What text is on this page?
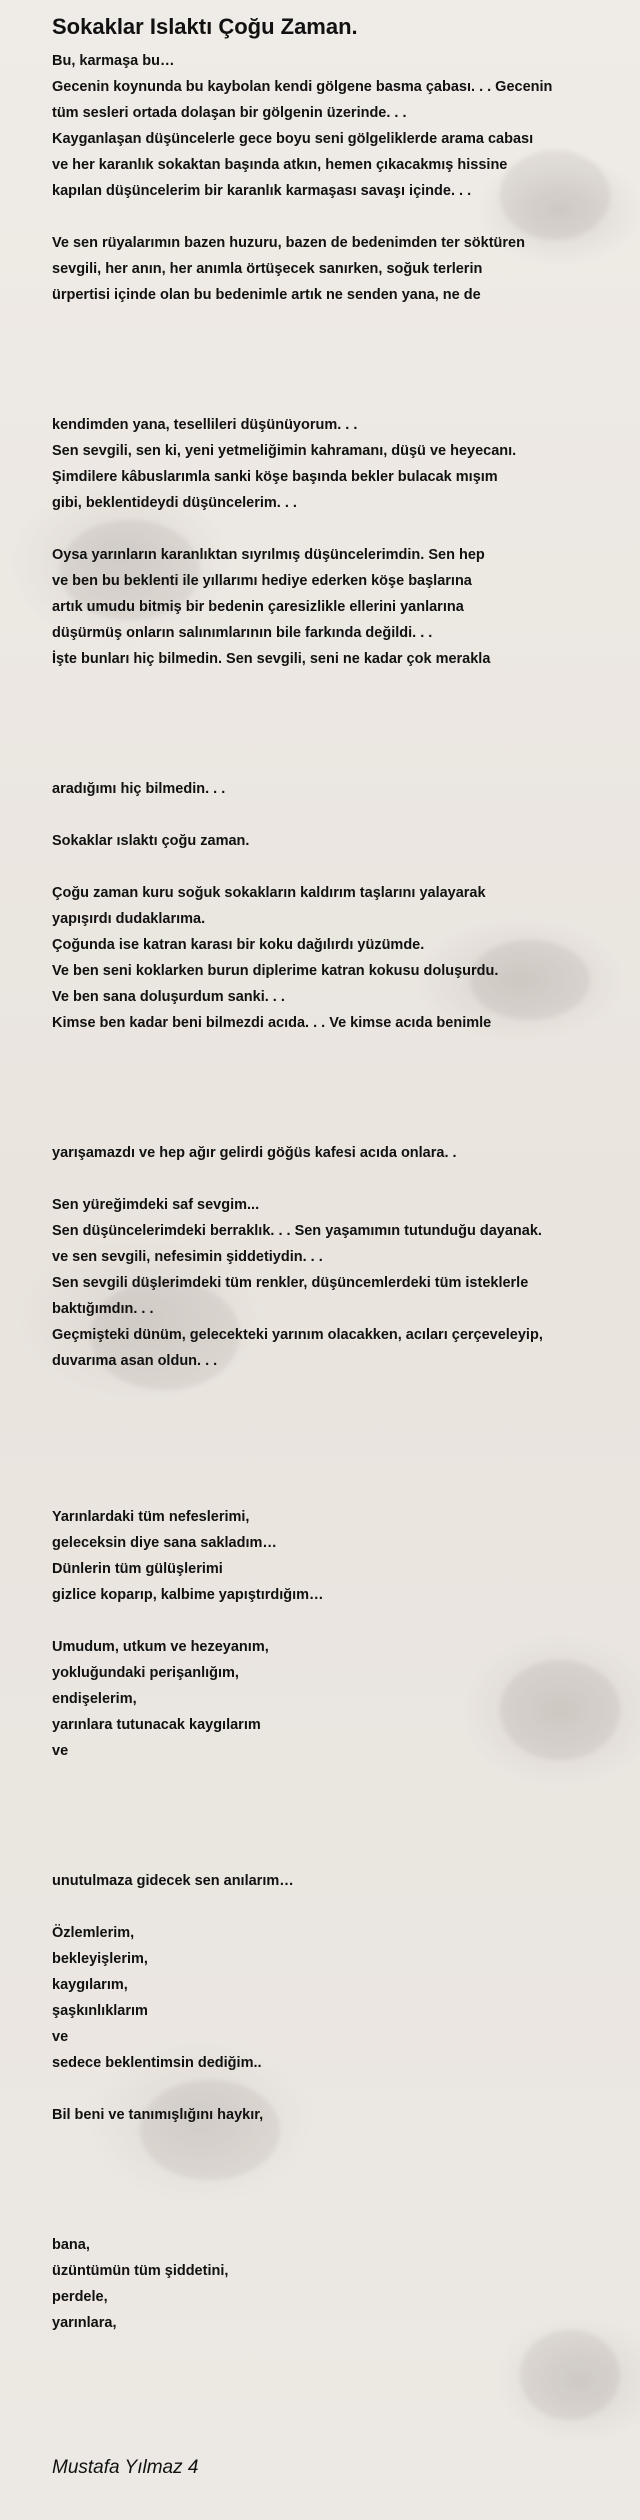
Sokaklar Islaktı Çoğu Zaman.
Bu, karmaşa bu…
Gecenin koynunda bu kaybolan kendi gölgene basma çabası. . . Gecenin
tüm sesleri ortada dolaşan bir gölgenin üzerinde. . .
Kayganlaşan düşüncelerle gece boyu seni gölgeliklerde arama cabası
ve her karanlık sokaktan başında atkın, hemen çıkacakmış hissine
kapılan düşüncelerim bir karanlık karmaşası savaşı içinde. . .
Ve sen rüyalarımın bazen huzuru, bazen de bedenimden ter söktüren
sevgili, her anın, her anımla örtüşecek sanırken, soğuk terlerin
ürpertisi içinde olan bu bedenimle artık ne senden yana, ne de
kendimden yana, tesellileri düşünüyorum. . .
Sen sevgili, sen ki, yeni yetmeliğimin kahramanı, düşü ve heyecanı.
Şimdilere kâbuslarımla sanki köşe başında bekler bulacak mışım
gibi, beklentideydi düşüncelerim. . .
Oysa yarınların karanlıktan sıyrılmış düşüncelerimdin. Sen hep
ve ben bu beklenti ile yıllarımı hediye ederken köşe başlarına
artık umudu bitmiş bir bedenin çaresizlikle ellerini yanlarına
düşürmüş onların salınımlarının bile farkında değildi. . .
İşte bunları hiç bilmedin. Sen sevgili, seni ne kadar çok merakla
aradığımı hiç bilmedin. . .
Sokaklar ıslaktı çoğu zaman.
Çoğu zaman kuru soğuk sokakların kaldırım taşlarını yalayarak
yapışırdı dudaklarıma.
Çoğunda ise katran karası bir koku dağılırdı yüzümde.
Ve ben seni koklarken burun diplerime katran kokusu doluşurdu.
Ve ben sana doluşurdum sanki. . .
Kimse ben kadar beni bilmezdi acıda. . . Ve kimse acıda benimle
yarışamazdı ve hep ağır gelirdi göğüs kafesi acıda onlara. .
Sen yüreğimdeki saf sevgim...
Sen düşüncelerimdeki berraklık. . . Sen yaşamımın tutunduğu dayanak.
ve sen sevgili, nefesimin şiddetiydin. . .
Sen sevgili düşlerimdeki tüm renkler, düşüncemlerdeki tüm isteklerle
baktığımdın. . .
Geçmişteki dünüm, gelecekteki yarınım olacakken, acıları çerçeveleyip,
duvarıma asan oldun. . .
Yarınlardaki tüm nefeslerimi,
geleceksin diye sana sakladım…
Dünlerin tüm gülüşlerimi
gizlice koparıp, kalbime yapıştırdığım…
Umudum, utkum ve hezeyanım,
yokluğundaki perişanlığım,
endişelerim,
yarınlara tutunacak kaygılarım
ve
unutulmaza gidecek sen anılarım…
Özlemlerim,
bekleyişlerim,
kaygılarım,
şaşkınlıklarım
ve
sedece beklentimsin dediğim..
Bil beni ve tanımışlığını haykır,
bana,
üzüntümün tüm şiddetini,
perdele,
yarınlara,
Mustafa Yılmaz 4
